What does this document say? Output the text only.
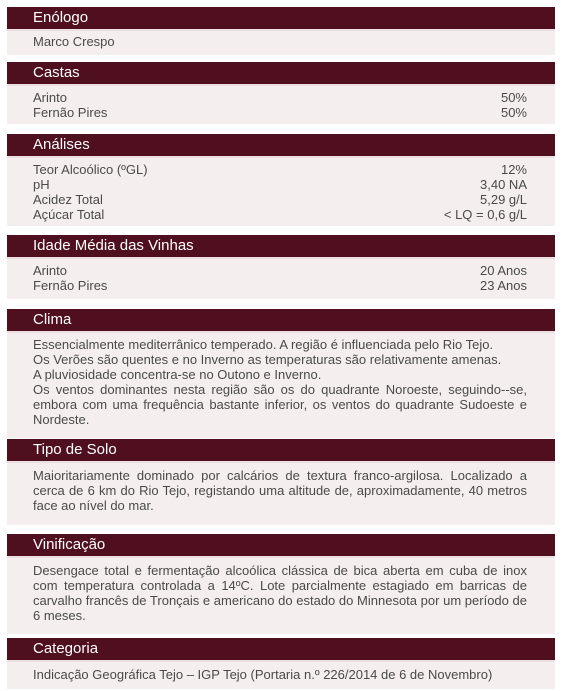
Enólogo
Marco Crespo
Castas
Arinto	50%
Fernão Pires	50%
Análises
Teor Alcoólico (ºGL)	12%
pH	3,40 NA
Acidez Total	5,29 g/L
Açúcar Total	< LQ = 0,6 g/L
Idade Média das Vinhas
Arinto	20 Anos
Fernão Pires	23 Anos
Clima
Essencialmente mediterrânico temperado. A região é influenciada pelo Rio Tejo.
Os Verões são quentes e no Inverno as temperaturas são relativamente amenas.
A pluviosidade concentra-se no Outono e Inverno.
Os ventos dominantes nesta região são os do quadrante Noroeste, seguindo--se, embora com uma frequência bastante inferior, os ventos do quadrante Sudoeste e Nordeste.
Tipo de Solo
Maioritariamente dominado por calcários de textura franco-argilosa. Localizado a cerca de 6 km do Rio Tejo, registando uma altitude de, aproximadamente, 40 metros face ao nível do mar.
Vinificação
Desengace total e fermentação alcoólica clássica de bica aberta em cuba de inox com temperatura controlada a 14ºC. Lote parcialmente estagiado em barricas de carvalho francês de Tronçais e americano do estado do Minnesota por um período de 6 meses.
Categoria
Indicação Geográfica Tejo – IGP Tejo (Portaria n.º 226/2014 de 6 de Novembro)
